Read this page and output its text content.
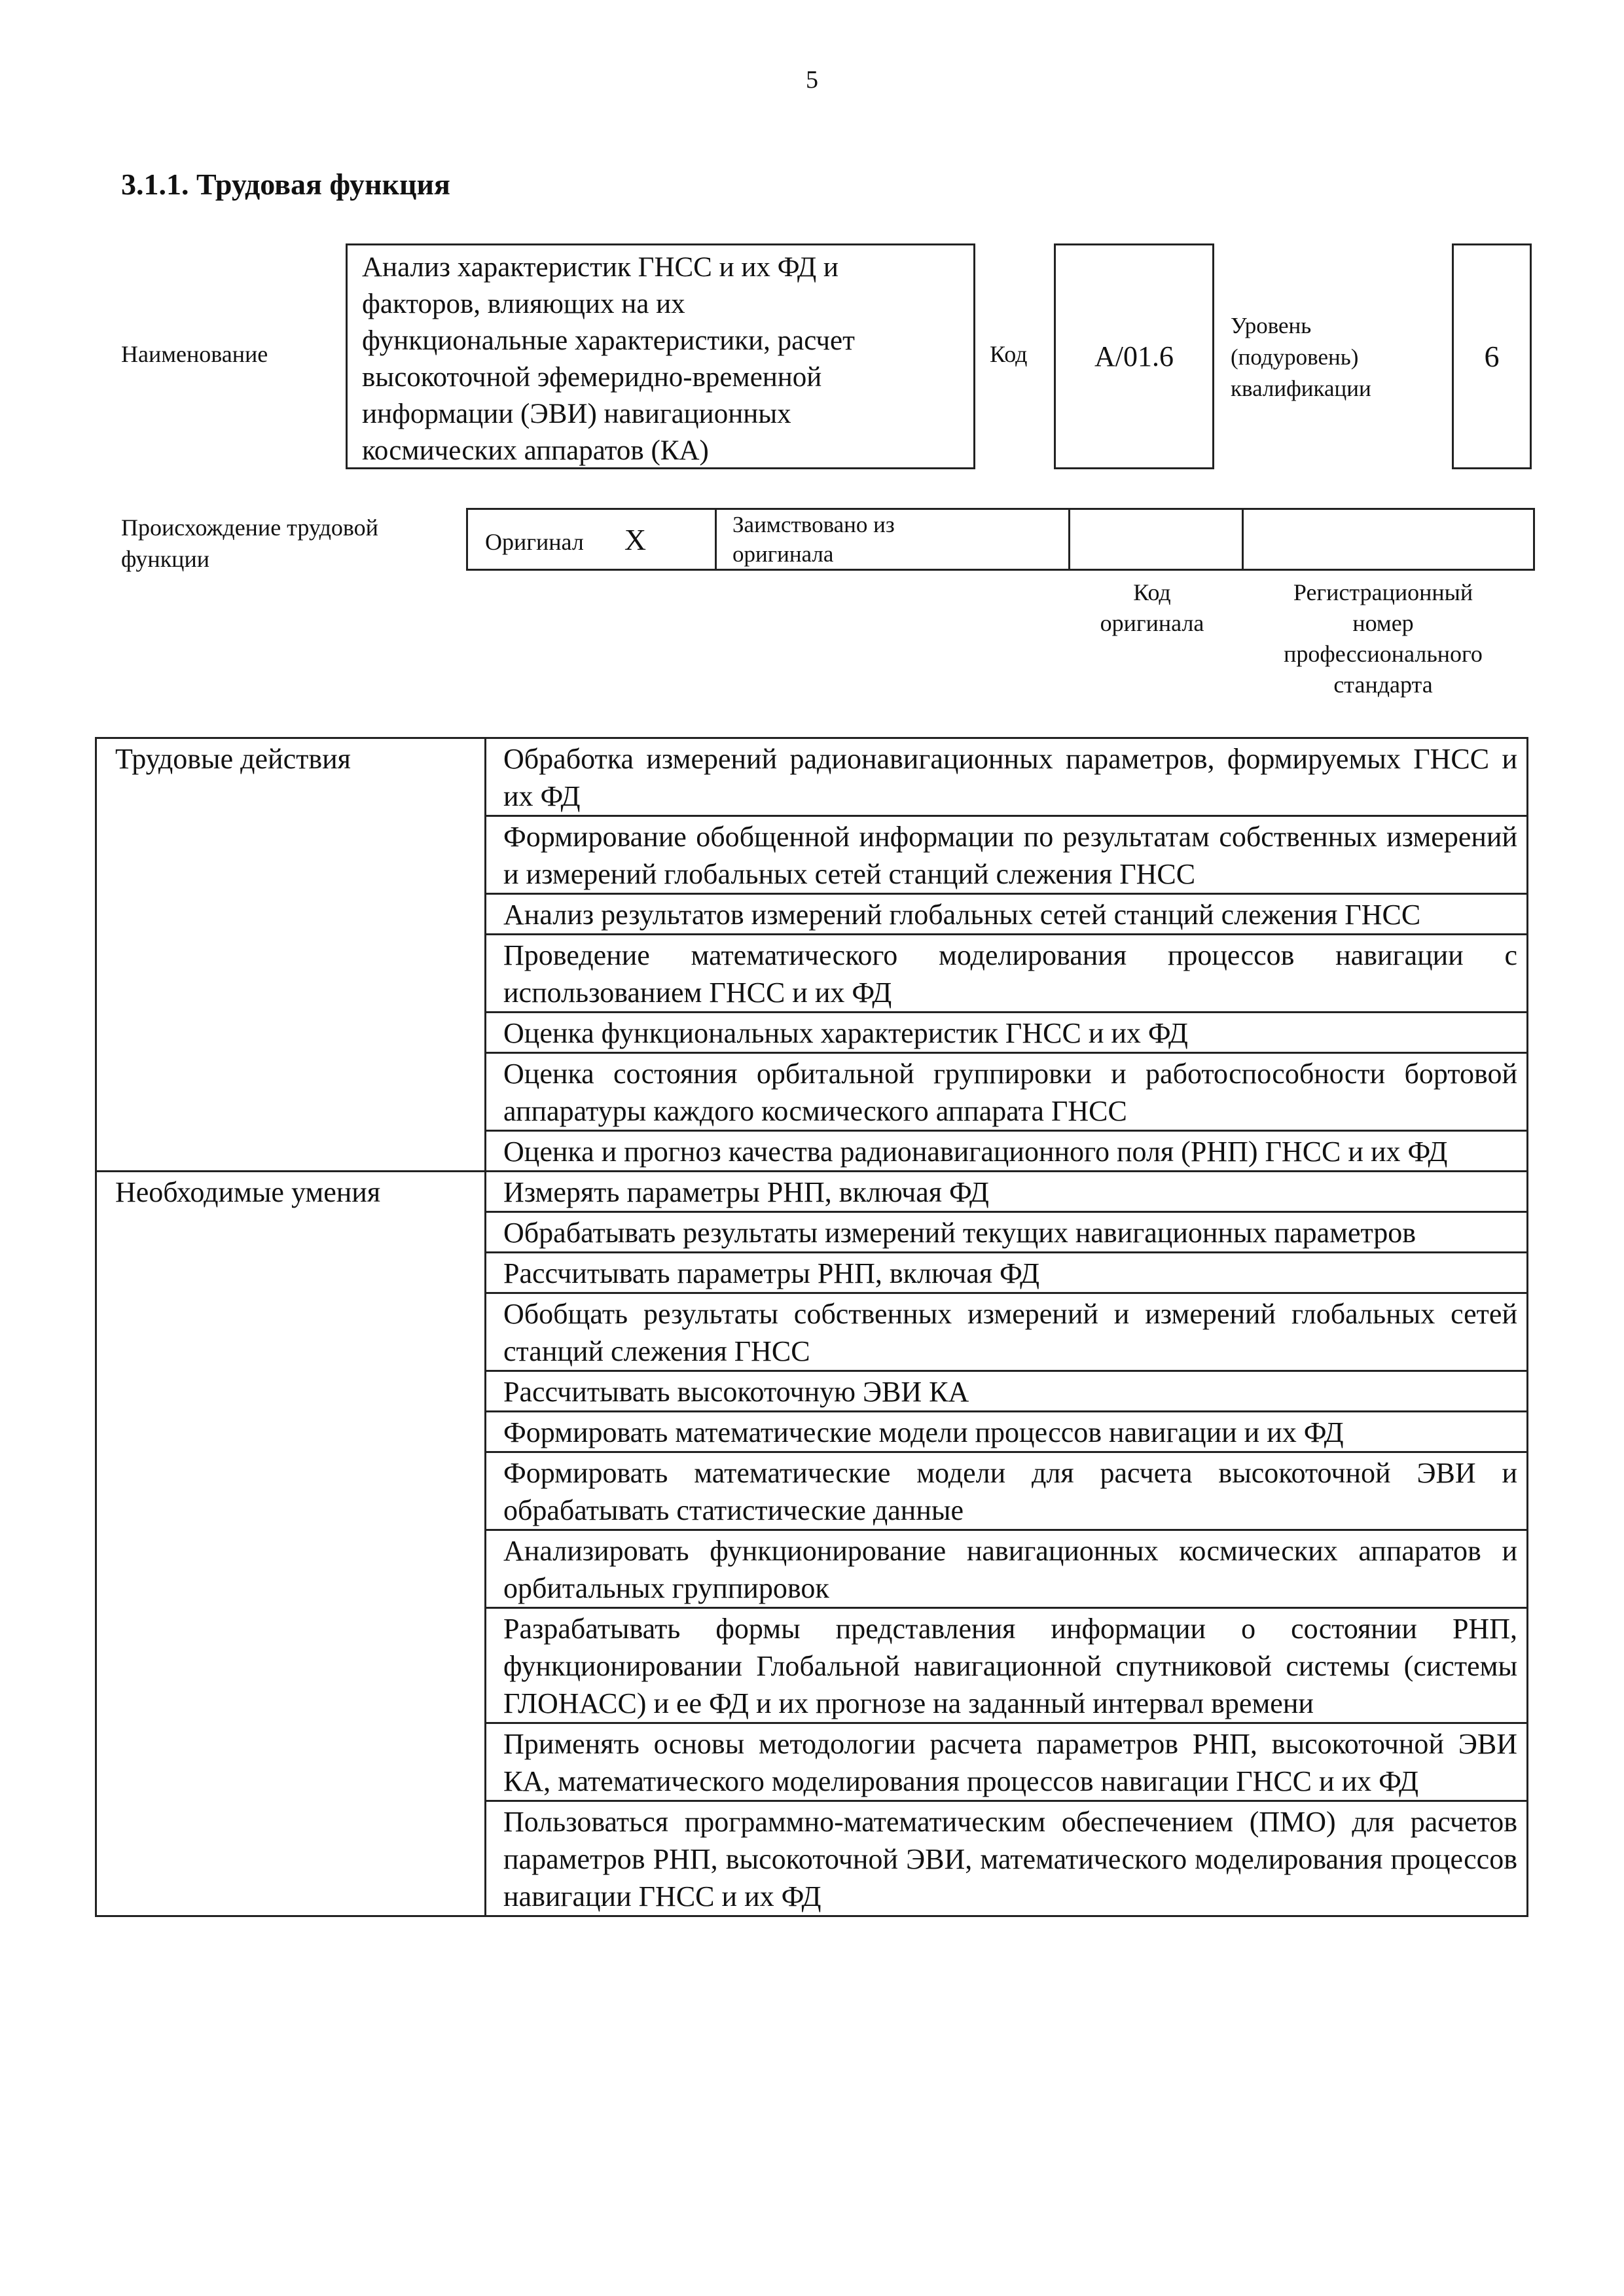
5
3.1.1. Трудовая функция
Наименование
Анализ характеристик ГНСС и их ФД и
факторов, влияющих на их
функциональные характеристики, расчет
высокоточной эфемеридно-временной
информации (ЭВИ) навигационных
космических аппаратов (КА)
Код А/01.6
Уровень
(подуровень)
квалификации
6
Происхождение трудовой
функции
Оригинал X	Заимствовано из
оригинала		
Код
оригинала
Регистрационный
номер
профессионального
стандарта
Трудовые действия	Обработка измерений радионавигационных параметров, формируемых ГНСС и их ФД
	Формирование обобщенной информации по результатам собственных измерений и измерений глобальных сетей станций слежения ГНСС
	Анализ результатов измерений глобальных сетей станций слежения ГНСС
	Проведение математического моделирования процессов навигации с использованием ГНСС и их ФД
	Оценка функциональных характеристик ГНСС и их ФД
	Оценка состояния орбитальной группировки и работоспособности бортовой аппаратуры каждого космического аппарата ГНСС
	Оценка и прогноз качества радионавигационного поля (РНП) ГНСС и их ФД
Необходимые умения	Измерять параметры РНП, включая ФД
	Обрабатывать результаты измерений текущих навигационных параметров
	Рассчитывать параметры РНП, включая ФД
	Обобщать результаты собственных измерений и измерений глобальных сетей станций слежения ГНСС
	Рассчитывать высокоточную ЭВИ КА
	Формировать математические модели процессов навигации и их ФД
	Формировать математические модели для расчета высокоточной ЭВИ и обрабатывать статистические данные
	Анализировать функционирование навигационных космических аппаратов и орбитальных группировок
	Разрабатывать формы представления информации о состоянии РНП, функционировании Глобальной навигационной спутниковой системы (системы ГЛОНАСС) и ее ФД и их прогнозе на заданный интервал времени
	Применять основы методологии расчета параметров РНП, высокоточной ЭВИ КА, математического моделирования процессов навигации ГНСС и их ФД
	Пользоваться программно-математическим обеспечением (ПМО) для расчетов параметров РНП, высокоточной ЭВИ, математического моделирования процессов навигации ГНСС и их ФД
